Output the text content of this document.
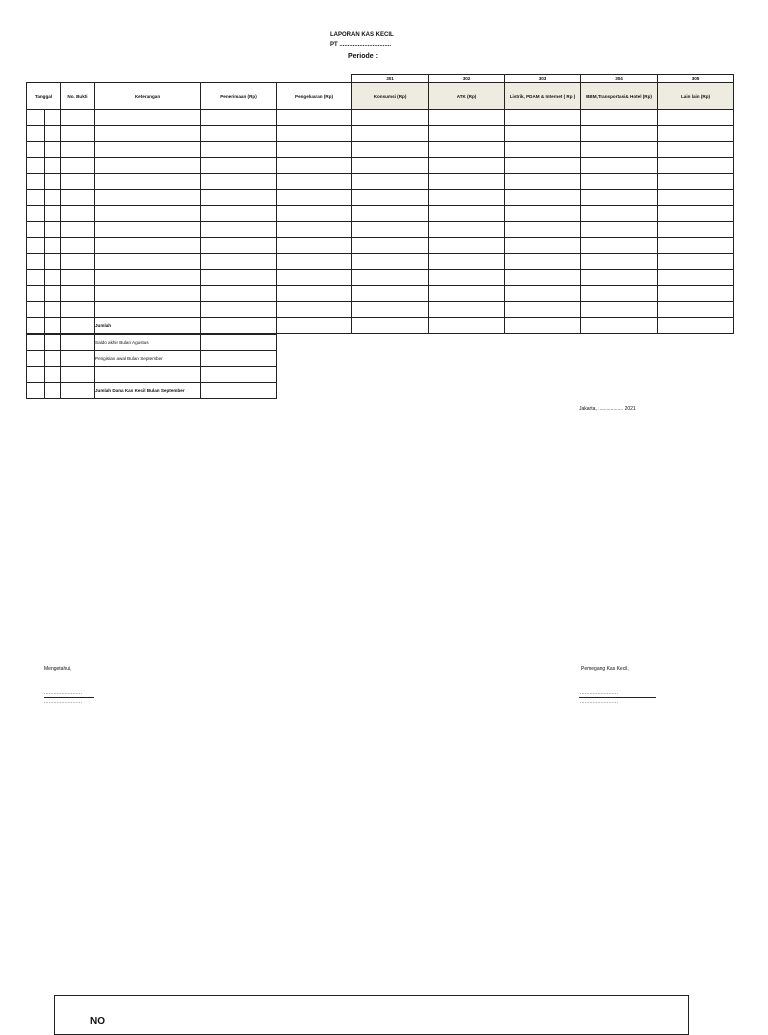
LAPORAN KAS KECIL
PT ...............................
Periode :
						301	302	303	304	305
Tanggal		No. Bukti	Keterangan	Penerimaan (Rp)	Pengeluaran (Rp)	Konsumsi (Rp)	ATK (Rp)	Listrik, PDAM & Internet ( Rp )	BBM,Transportasi& Hotel (Rp)	Lain lain (Rp)

			Jumlah							
			Saldo akhir Bulan Agustus	
			Pengisian awal Bulan September	

			Jumlah Dana Kas Kecil Bulan September	
Jakarta, .................. 2021
Mengetahui,
........................
........................
Pemegang Kas Kecil,
........................
........................
NO
